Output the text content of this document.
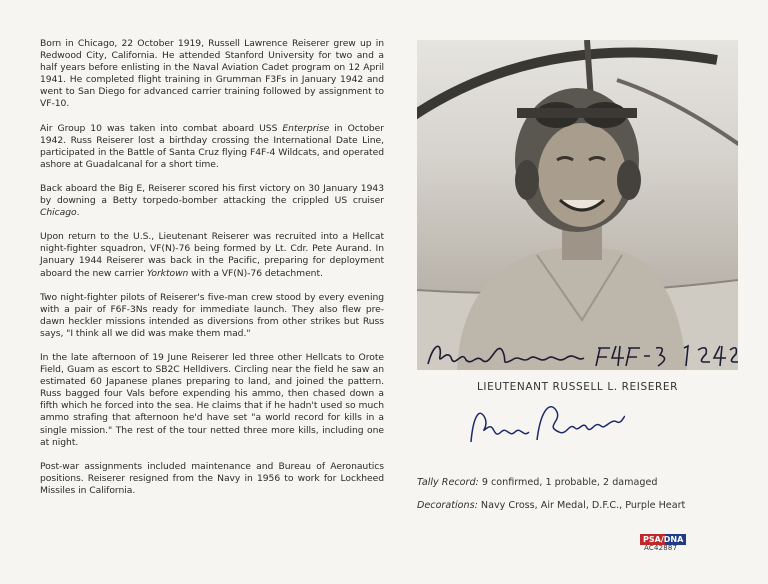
Born in Chicago, 22 October 1919, Russell Lawrence Reiserer grew up in Redwood City, California. He attended Stanford University for two and a half years before enlisting in the Naval Aviation Cadet program on 12 April 1941. He completed flight training in Grumman F3Fs in January 1942 and went to San Diego for advanced carrier training followed by assignment to VF-10.

Air Group 10 was taken into combat aboard USS Enterprise in October 1942. Russ Reiserer lost a birthday crossing the International Date Line, participated in the Battle of Santa Cruz flying F4F-4 Wildcats, and operated ashore at Guadalcanal for a short time.

Back aboard the Big E, Reiserer scored his first victory on 30 January 1943 by downing a Betty torpedo-bomber attacking the crippled US cruiser Chicago.

Upon return to the U.S., Lieutenant Reiserer was recruited into a Hellcat night-fighter squadron, VF(N)-76 being formed by Lt. Cdr. Pete Aurand. In January 1944 Reiserer was back in the Pacific, preparing for deployment aboard the new carrier Yorktown with a VF(N)-76 detachment.

Two night-fighter pilots of Reiserer's five-man crew stood by every evening with a pair of F6F-3Ns ready for immediate launch. They also flew pre-dawn heckler missions intended as diversions from other strikes but Russ says, "I think all we did was make them mad."

In the late afternoon of 19 June Reiserer led three other Hellcats to Orote Field, Guam as escort to SB2C Helldivers. Circling near the field he saw an estimated 60 Japanese planes preparing to land, and joined the pattern. Russ bagged four Vals before expending his ammo, then chased down a fifth which he forced into the sea. He claims that if he hadn't used so much ammo strafing that afternoon he'd have set "a world record for kills in a single mission." The rest of the tour netted three more kills, including one at night.

Post-war assignments included maintenance and Bureau of Aeronautics positions. Reiserer resigned from the Navy in 1956 to work for Lockheed Missiles in California.

LIEUTENANT RUSSELL L. REISERER
Tally Record: 9 confirmed, 1 probable, 2 damaged
Decorations: Navy Cross, Air Medal, D.F.C., Purple Heart
PSA/DNA
AC42887
